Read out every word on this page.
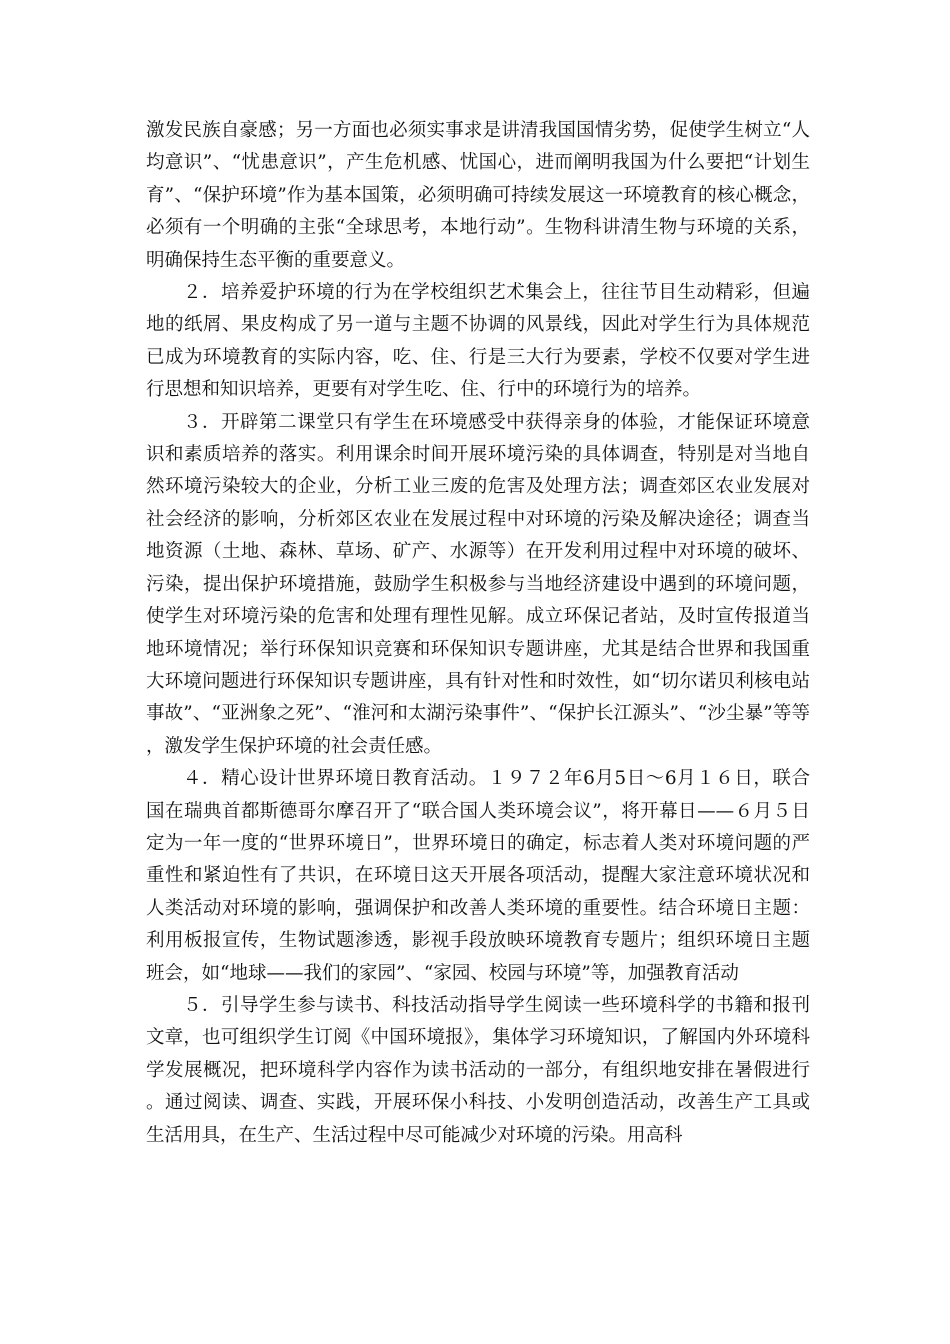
激发民族自豪感；另一方面也必须实事求是讲清我国国情劣势，促使学生树立“人均意识”、“忧患意识”，产生危机感、忧国心，进而阐明我国为什么要把“计划生育”、“保护环境”作为基本国策，必须明确可持续发展这一环境教育的核心概念，必须有一个明确的主张“全球思考，本地行动”。生物科讲清生物与环境的关系，明确保持生态平衡的重要意义。

２．培养爱护环境的行为在学校组织艺术集会上，往往节目生动精彩，但遍地的纸屑、果皮构成了另一道与主题不协调的风景线，因此对学生行为具体规范已成为环境教育的实际内容，吃、住、行是三大行为要素，学校不仅要对学生进行思想和知识培养，更要有对学生吃、住、行中的环境行为的培养。

３．开辟第二课堂只有学生在环境感受中获得亲身的体验，才能保证环境意识和素质培养的落实。利用课余时间开展环境污染的具体调查，特别是对当地自然环境污染较大的企业，分析工业三废的危害及处理方法；调查郊区农业发展对社会经济的影响，分析郊区农业在发展过程中对环境的污染及解决途径；调查当地资源（土地、森林、草场、矿产、水源等）在开发利用过程中对环境的破坏、污染，提出保护环境措施，鼓励学生积极参与当地经济建设中遇到的环境问题，使学生对环境污染的危害和处理有理性见解。成立环保记者站，及时宣传报道当地环境情况；举行环保知识竞赛和环保知识专题讲座，尤其是结合世界和我国重大环境问题进行环保知识专题讲座，具有针对性和时效性，如“切尔诺贝利核电站事故”、“亚洲象之死”、“淮河和太湖污染事件”、“保护长江源头”、“沙尘暴”等等，激发学生保护环境的社会责任感。

４．精心设计世界环境日教育活动。１９７２年6月5日～6月１６日，联合国在瑞典首都斯德哥尔摩召开了“联合国人类环境会议”，将开幕日——６月５日定为一年一度的“世界环境日”，世界环境日的确定，标志着人类对环境问题的严重性和紧迫性有了共识，在环境日这天开展各项活动，提醒大家注意环境状况和人类活动对环境的影响，强调保护和改善人类环境的重要性。结合环境日主题：利用板报宣传，生物试题渗透，影视手段放映环境教育专题片；组织环境日主题班会，如“地球——我们的家园”、“家园、校园与环境”等，加强教育活动

５．引导学生参与读书、科技活动指导学生阅读一些环境科学的书籍和报刊文章，也可组织学生订阅《中国环境报》，集体学习环境知识，了解国内外环境科学发展概况，把环境科学内容作为读书活动的一部分，有组织地安排在暑假进行。通过阅读、调查、实践，开展环保小科技、小发明创造活动，改善生产工具或生活用具，在生产、生活过程中尽可能减少对环境的污染。用高科
